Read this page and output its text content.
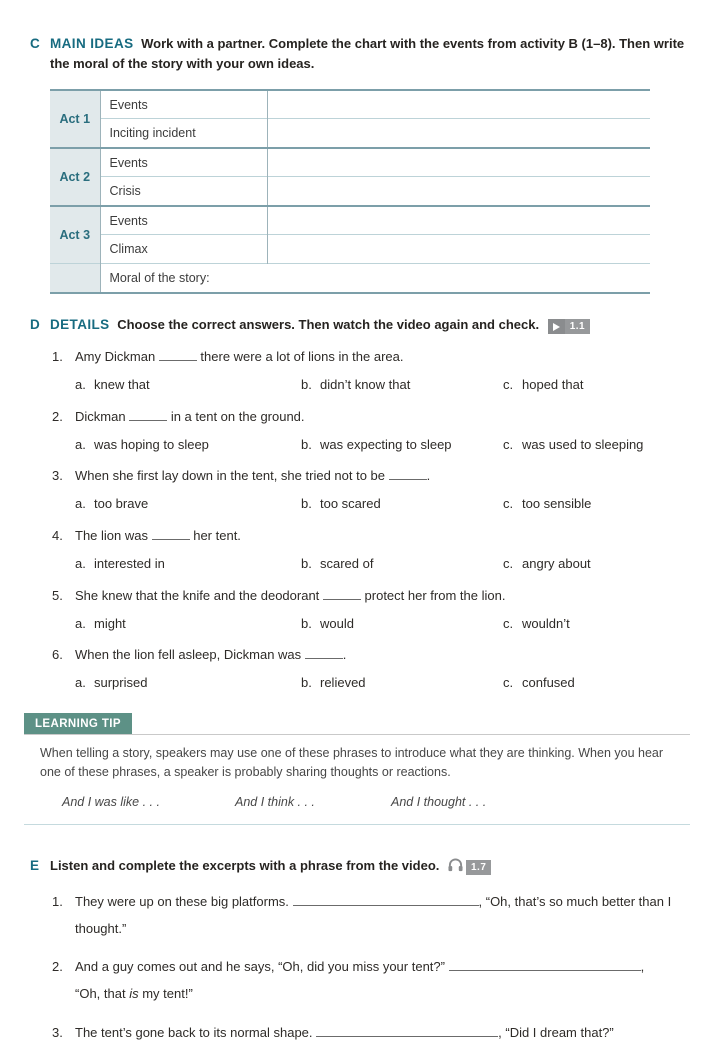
C MAIN IDEAS Work with a partner. Complete the chart with the events from activity B (1–8). Then write the moral of the story with your own ideas.
Act 1	Events	
	Inciting incident	
Act 2	Events	
	Crisis	
Act 3	Events	
	Climax	
	Moral of the story:	
D DETAILS Choose the correct answers. Then watch the video again and check.	1.1
1. Amy Dickman	there were a lot of lions in the area.
a. knew that	b. didn’t know that	c. hoped that
2. Dickman	in a tent on the ground.
a. was hoping to sleep	b. was expecting to sleep	c. was used to sleeping
3. When she first lay down in the tent, she tried not to be	.
a. too brave	b. too scared	c. too sensible
4. The lion was	her tent.
a. interested in	b. scared of	c. angry about
5. She knew that the knife and the deodorant	protect her from the lion.
a. might	b. would	c. wouldn’t
6. When the lion fell asleep, Dickman was	.
a. surprised	b. relieved	c. confused
LEARNING TIP

When telling a story, speakers may use one of these phrases to introduce what they are thinking. When you hear one of these phrases, a speaker is probably sharing thoughts or reactions.

And I was like . . .	And I think . . .	And I thought . . .
E Listen and complete the excerpts with a phrase from the video.	1.7
1. They were up on these big platforms.	, “Oh, that’s so much better than I thought.”
2. And a guy comes out and he says, “Oh, did you miss your tent?”	,
“Oh, that is my tent!”
3. The tent’s gone back to its normal shape.	, “Did I dream that?”
